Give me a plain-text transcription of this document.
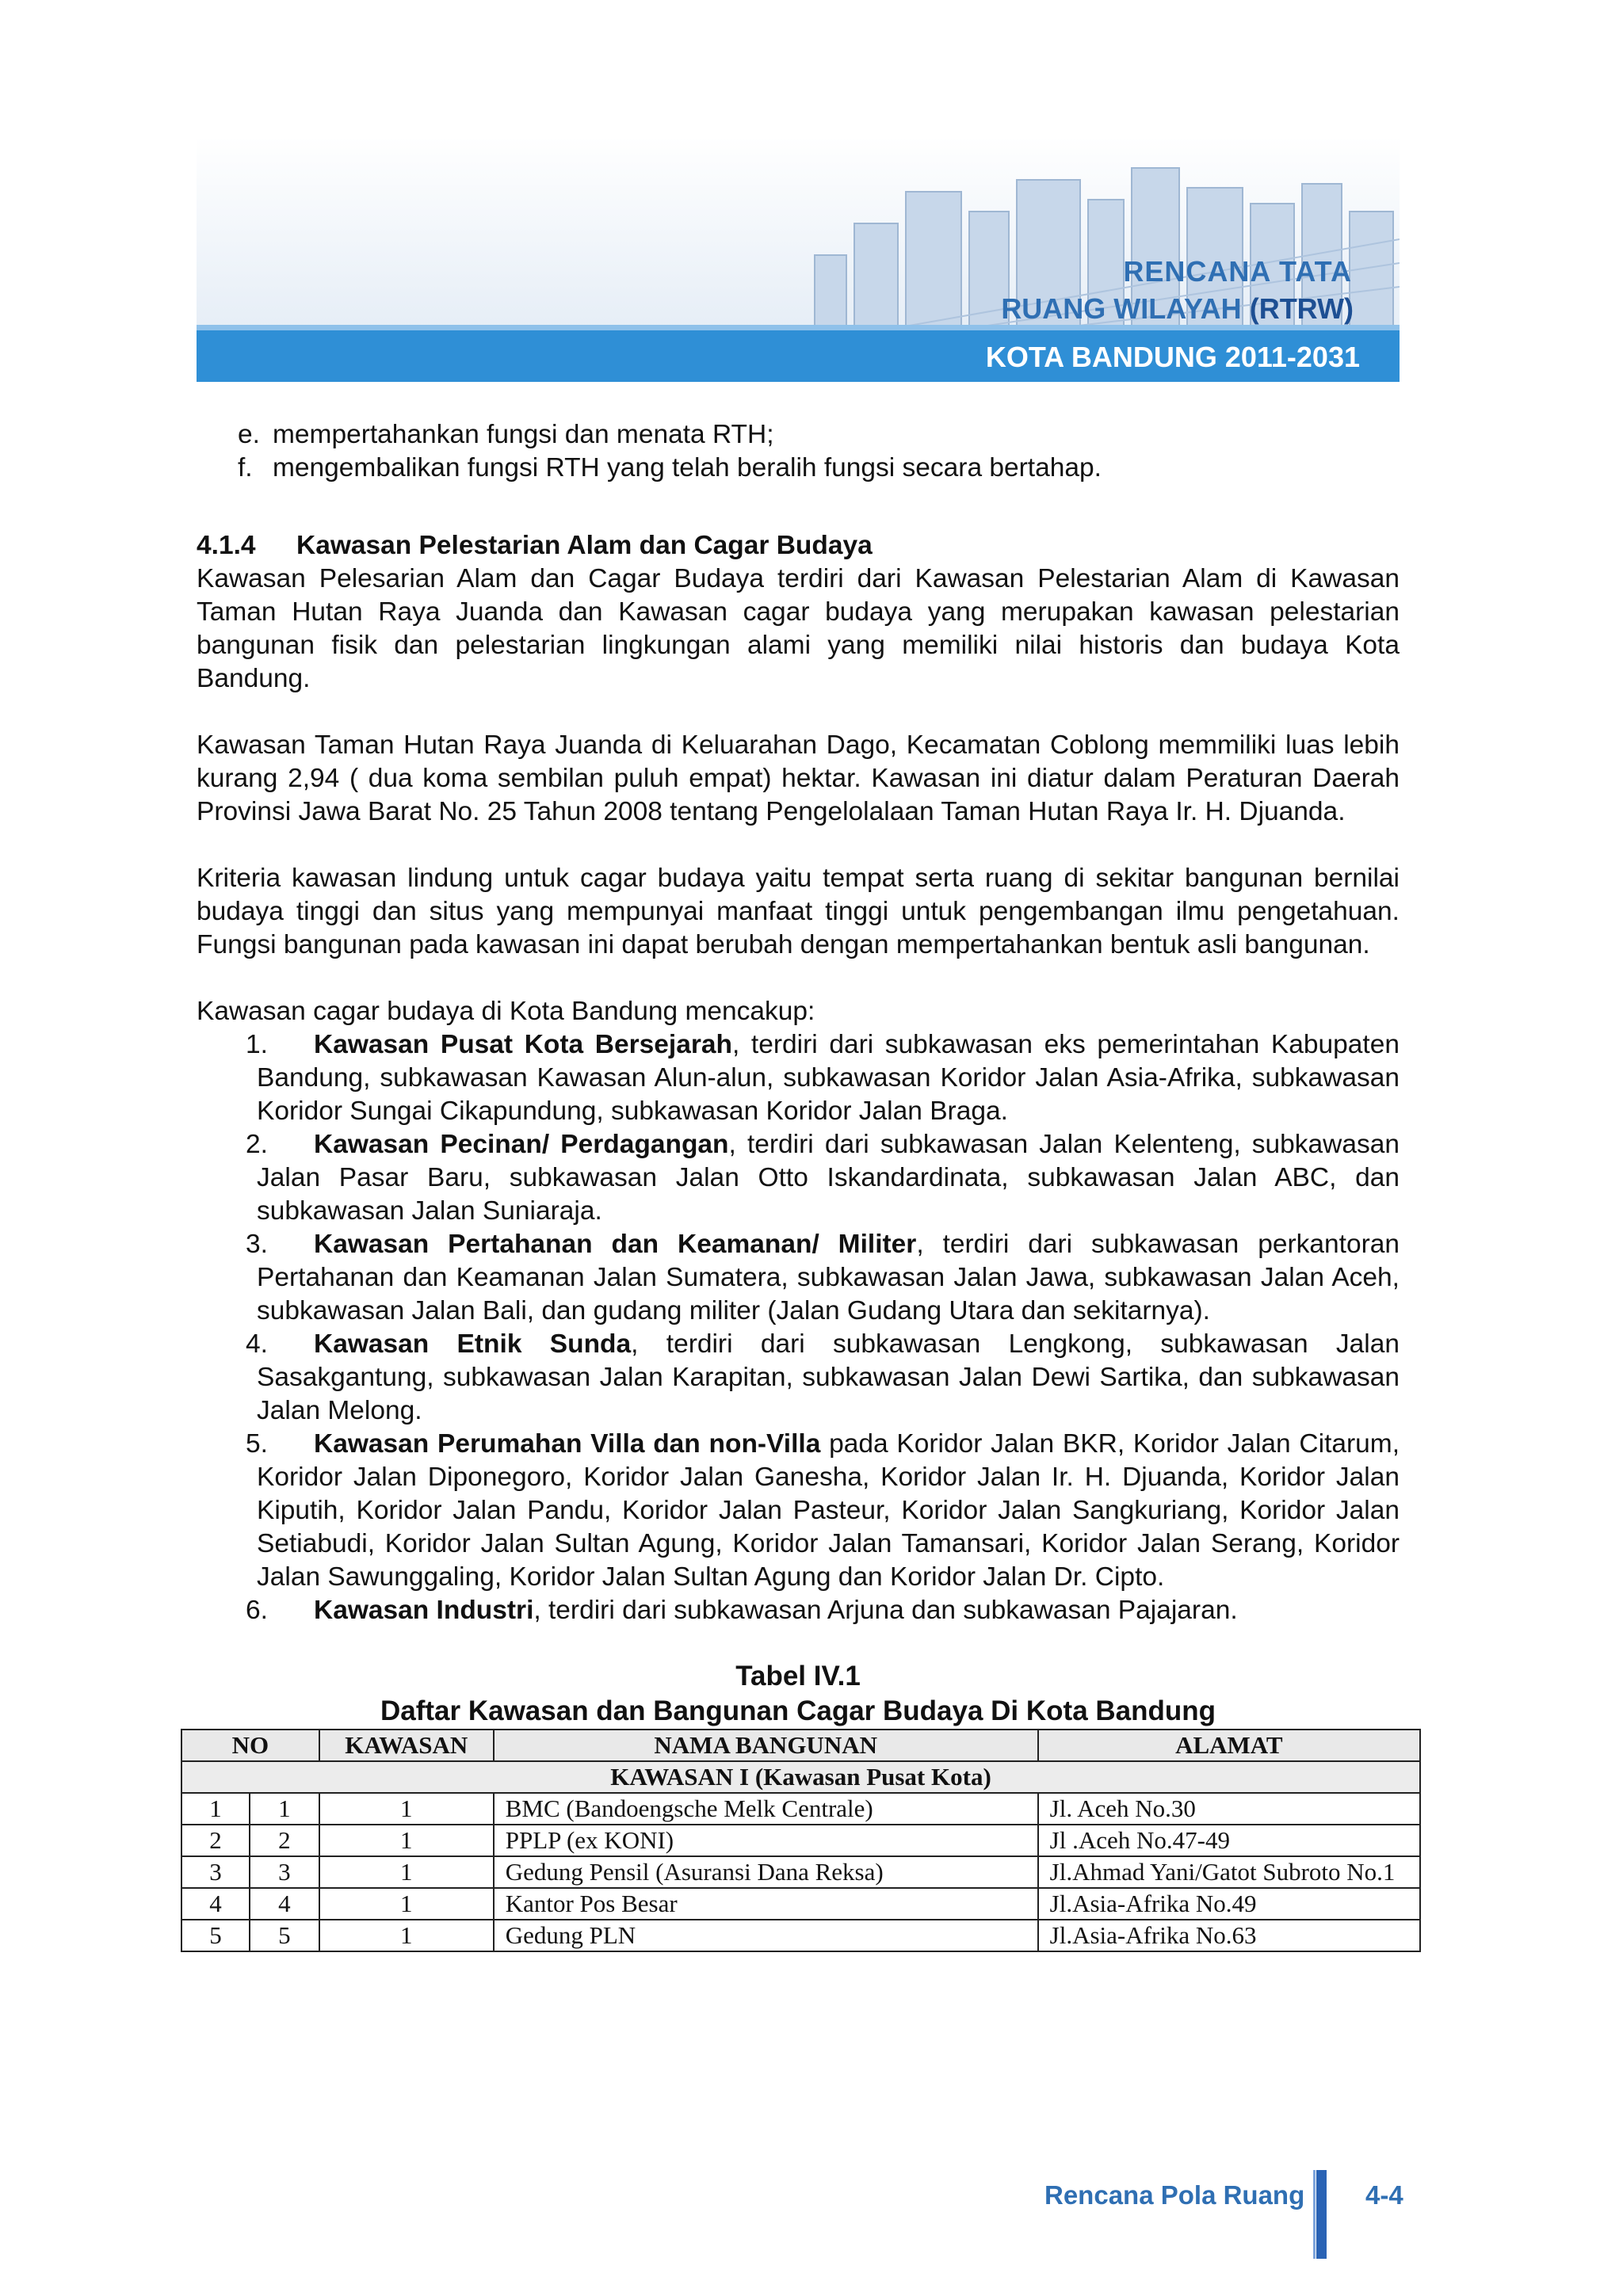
RENCANA TATA
RUANG WILAYAH (RTRW)
KOTA BANDUNG 2011-2031
e. mempertahankan fungsi dan menata RTH;
f. mengembalikan fungsi RTH yang telah beralih fungsi secara bertahap.
4.1.4 Kawasan Pelestarian Alam dan Cagar Budaya

Kawasan Pelesarian Alam dan Cagar Budaya terdiri dari Kawasan Pelestarian Alam di Kawasan Taman Hutan Raya Juanda dan Kawasan cagar budaya yang merupakan kawasan pelestarian bangunan fisik dan pelestarian lingkungan alami yang memiliki nilai historis dan budaya Kota Bandung.

Kawasan Taman Hutan Raya Juanda di Keluarahan Dago, Kecamatan Coblong memmiliki luas lebih kurang 2,94 ( dua koma sembilan puluh empat) hektar. Kawasan ini diatur dalam Peraturan Daerah Provinsi Jawa Barat No. 25 Tahun 2008 tentang Pengelolalaan Taman Hutan Raya Ir. H. Djuanda.

Kriteria kawasan lindung untuk cagar budaya yaitu tempat serta ruang di sekitar bangunan bernilai budaya tinggi dan situs yang mempunyai manfaat tinggi untuk pengembangan ilmu pengetahuan. Fungsi bangunan pada kawasan ini dapat berubah dengan mempertahankan bentuk asli bangunan.

Kawasan cagar budaya di Kota Bandung mencakup:

1.	Kawasan Pusat Kota Bersejarah, terdiri dari subkawasan eks pemerintahan Kabupaten Bandung, subkawasan Kawasan Alun-alun, subkawasan Koridor Jalan Asia-Afrika, subkawasan Koridor Sungai Cikapundung, subkawasan Koridor Jalan Braga.

2.	Kawasan Pecinan/ Perdagangan, terdiri dari subkawasan Jalan Kelenteng, subkawasan Jalan Pasar Baru, subkawasan Jalan Otto Iskandardinata, subkawasan Jalan ABC, dan subkawasan Jalan Suniaraja.

3.	Kawasan Pertahanan dan Keamanan/ Militer, terdiri dari subkawasan perkantoran Pertahanan dan Keamanan Jalan Sumatera, subkawasan Jalan Jawa, subkawasan Jalan Aceh, subkawasan Jalan Bali, dan gudang militer (Jalan Gudang Utara dan sekitarnya).

4.	Kawasan Etnik Sunda, terdiri dari subkawasan Lengkong, subkawasan Jalan Sasakgantung, subkawasan Jalan Karapitan, subkawasan Jalan Dewi Sartika, dan subkawasan Jalan Melong.

5.	Kawasan Perumahan Villa dan non-Villa pada Koridor Jalan BKR, Koridor Jalan Citarum, Koridor Jalan Diponegoro, Koridor Jalan Ganesha, Koridor Jalan Ir. H. Djuanda, Koridor Jalan Kiputih, Koridor Jalan Pandu, Koridor Jalan Pasteur, Koridor Jalan Sangkuriang, Koridor Jalan Setiabudi, Koridor Jalan Sultan Agung, Koridor Jalan Tamansari, Koridor Jalan Serang, Koridor Jalan Sawunggaling, Koridor Jalan Sultan Agung dan Koridor Jalan Dr. Cipto.

6.	Kawasan Industri, terdiri dari subkawasan Arjuna dan subkawasan Pajajaran.

Tabel IV.1
Daftar Kawasan dan Bangunan Cagar Budaya Di Kota Bandung
NO		KAWASAN	NAMA BANGUNAN	ALAMAT
KAWASAN I (Kawasan Pusat Kota)				
1	1	1	BMC (Bandoengsche Melk Centrale)	Jl. Aceh No.30
2	2	1	PPLP (ex KONI)	Jl .Aceh No.47-49
3	3	1	Gedung Pensil (Asuransi Dana Reksa)	Jl.Ahmad Yani/Gatot Subroto No.1
4	4	1	Kantor Pos Besar	Jl.Asia-Afrika No.49
5	5	1	Gedung PLN	Jl.Asia-Afrika No.63
Rencana Pola Ruang 4-4
